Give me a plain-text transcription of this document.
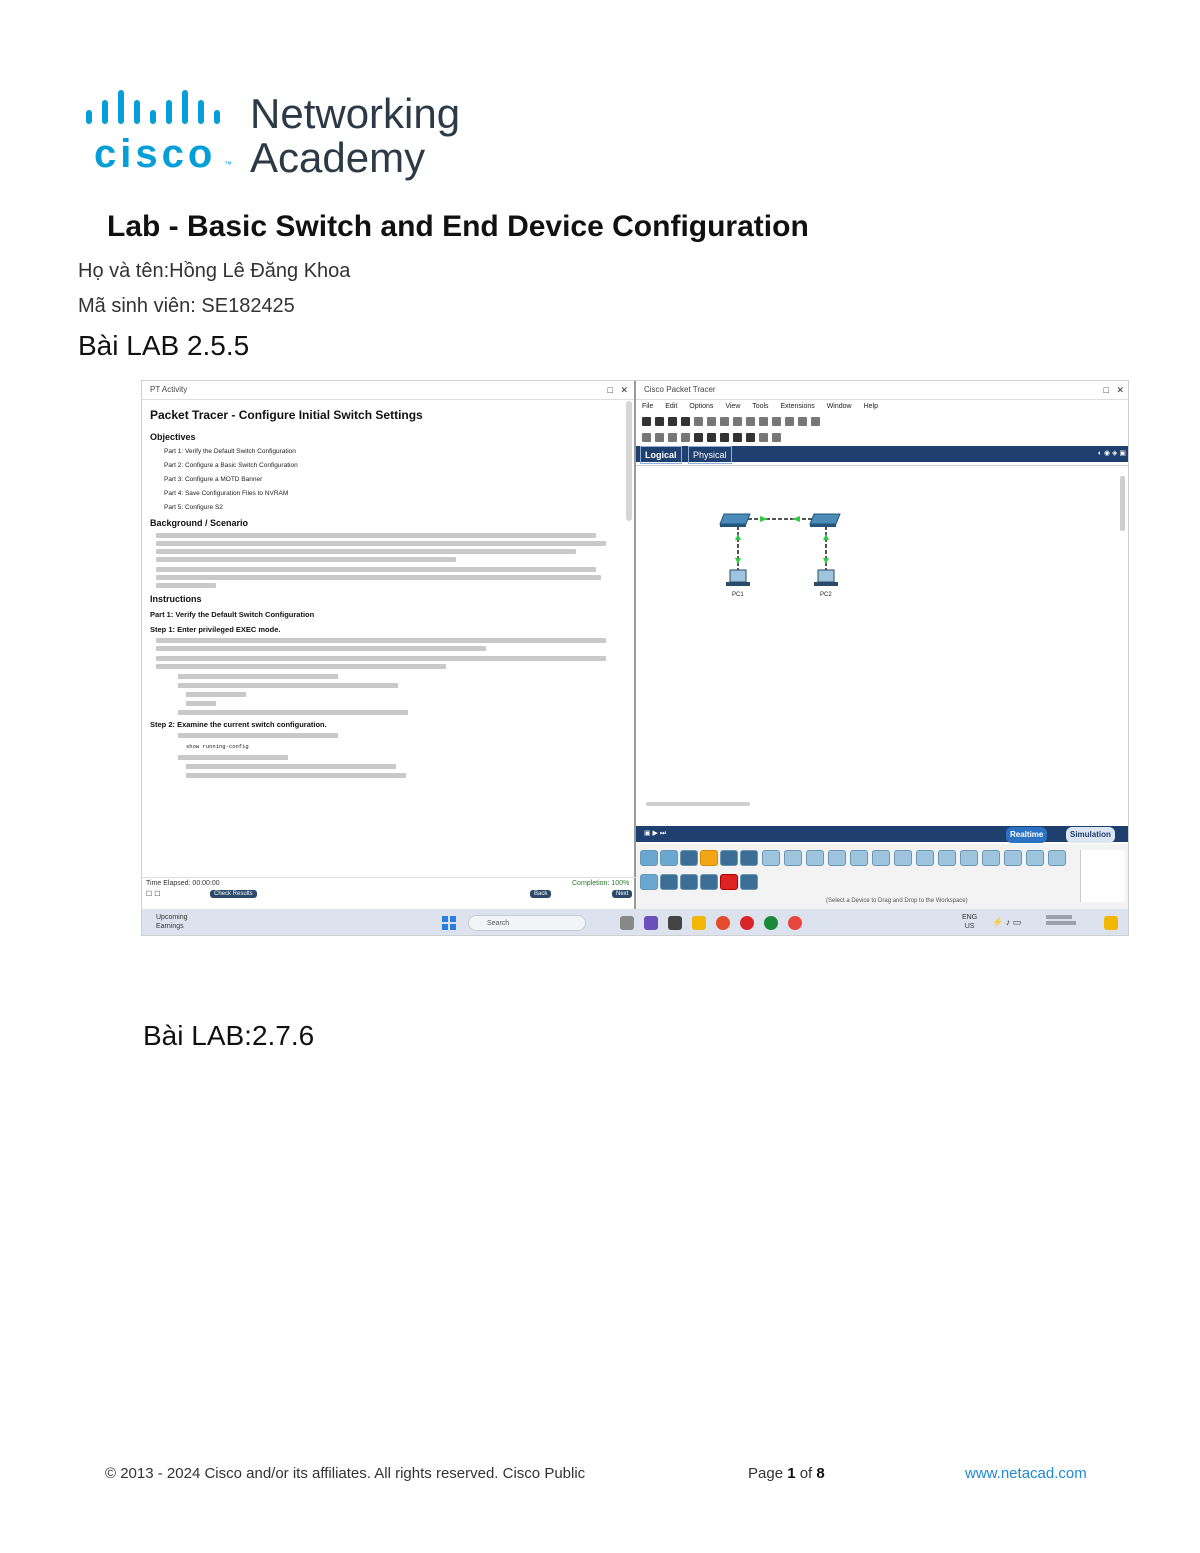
cisco ™
Networking
Academy
Lab - Basic Switch and End Device Configuration
Họ và tên:Hồng Lê Đăng Khoa
Mã sinh viên: SE182425
Bài LAB 2.5.5
PT Activity	□   ✕
Packet Tracer - Configure Initial Switch Settings
Objectives
Part 1: Verify the Default Switch Configuration
Part 2: Configure a Basic Switch Configuration
Part 3: Configure a MOTD Banner
Part 4: Save Configuration Files to NVRAM
Part 5: Configure S2
Background / Scenario
Instructions
Part 1: Verify the Default Switch Configuration
Step 1: Enter privileged EXEC mode.
Step 2: Examine the current switch configuration.
show running-config
Time Elapsed: 00:00:00	Completion: 100%
☐ ☐	Check Results	Back	Next
Cisco Packet Tracer	□   ✕
File Edit Options View Tools Extensions Window Help
Logical Physical	◐ ◉ ◈ ▣
PC1	PC2
▣ ▶ ⏭	Realtime	Simulation
(Select a Device to Drag and Drop to the Workspace)
Upcoming
Earnings	Search
ENG
US	⚡ ♪ ▭
Bài LAB:2.7.6
© 2013 - 2024 Cisco and/or its affiliates. All rights reserved. Cisco Public	Page 1 of 8	www.netacad.com
